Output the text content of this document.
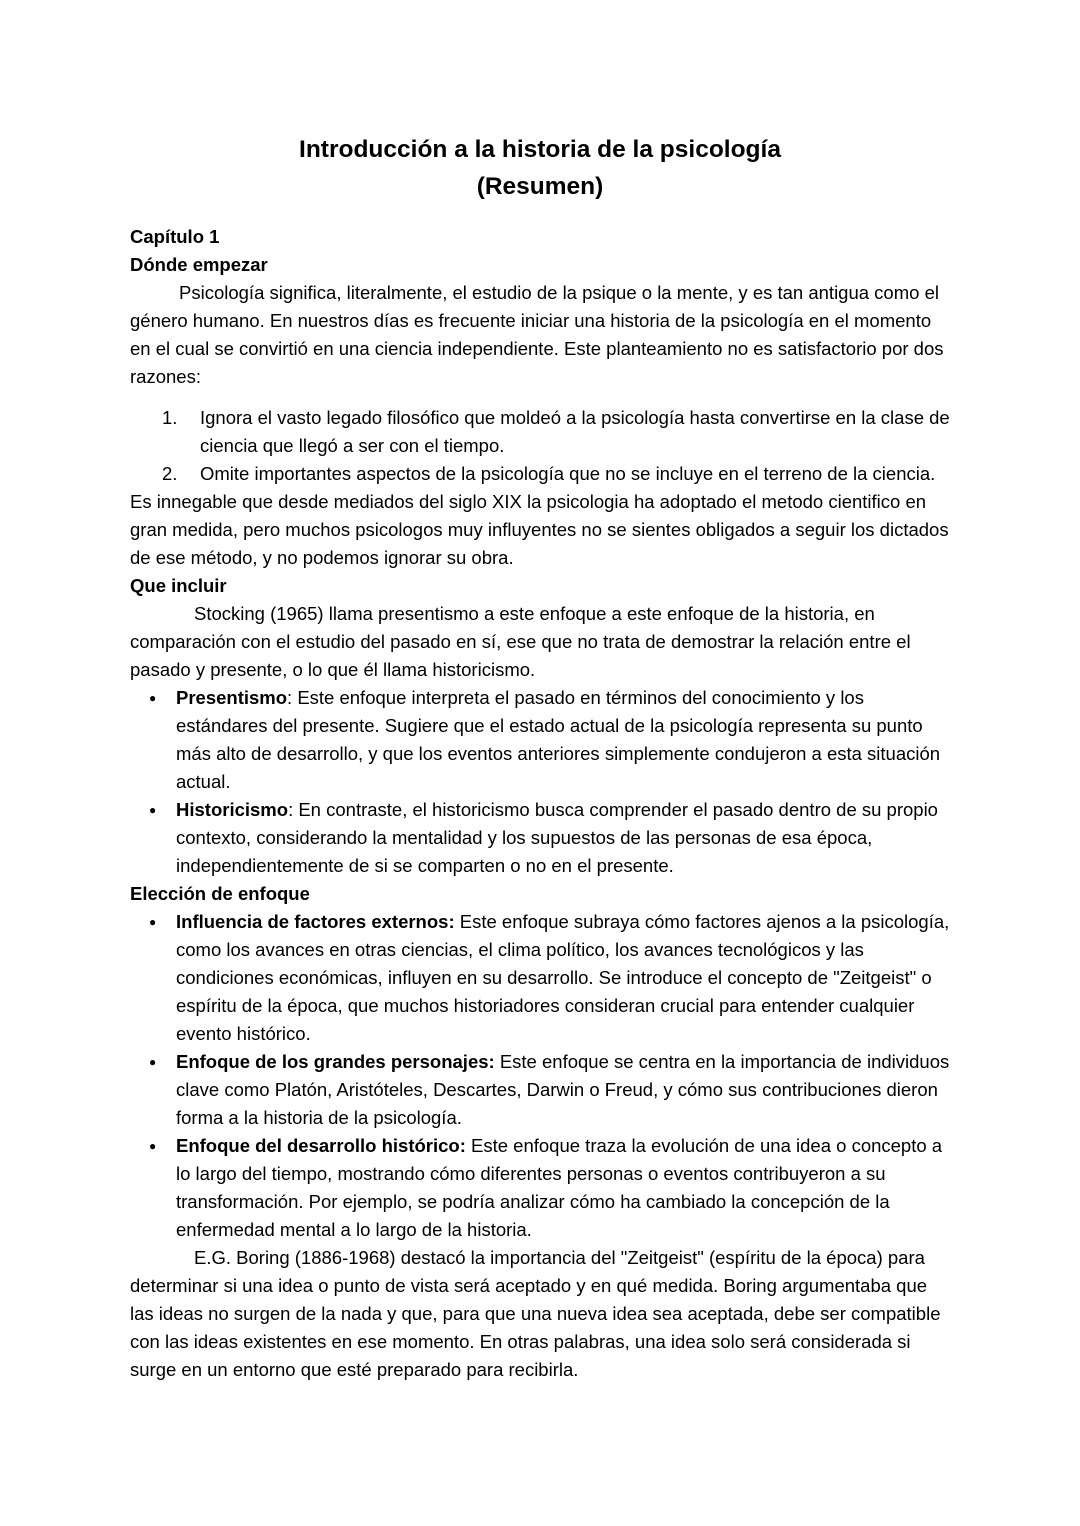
Introducción a la historia de la psicología
(Resumen)

Capítulo 1

Dónde empezar

Psicología significa, literalmente, el estudio de la psique o la mente, y es tan antigua como el género humano. En nuestros días es frecuente iniciar una historia de la psicología en el momento en el cual se convirtió en una ciencia independiente. Este planteamiento no es satisfactorio por dos razones:

1. Ignora el vasto legado filosófico que moldeó a la psicología hasta convertirse en la clase de ciencia que llegó a ser con el tiempo.
2. Omite importantes aspectos de la psicología que no se incluye en el terreno de la ciencia.

Es innegable que desde mediados del siglo XIX la psicologia ha adoptado el metodo cientifico en gran medida, pero muchos psicologos muy influyentes no se sientes obligados a seguir los dictados de ese método, y no podemos ignorar su obra.

Que incluir

Stocking (1965) llama presentismo a este enfoque a este enfoque de la historia, en comparación con el estudio del pasado en sí, ese que no trata de demostrar la relación entre el pasado y presente, o lo que él llama historicismo.

● Presentismo: Este enfoque interpreta el pasado en términos del conocimiento y los estándares del presente. Sugiere que el estado actual de la psicología representa su punto más alto de desarrollo, y que los eventos anteriores simplemente condujeron a esta situación actual.
● Historicismo: En contraste, el historicismo busca comprender el pasado dentro de su propio contexto, considerando la mentalidad y los supuestos de las personas de esa época, independientemente de si se comparten o no en el presente.

Elección de enfoque

● Influencia de factores externos: Este enfoque subraya cómo factores ajenos a la psicología, como los avances en otras ciencias, el clima político, los avances tecnológicos y las condiciones económicas, influyen en su desarrollo. Se introduce el concepto de "Zeitgeist" o espíritu de la época, que muchos historiadores consideran crucial para entender cualquier evento histórico.
● Enfoque de los grandes personajes: Este enfoque se centra en la importancia de individuos clave como Platón, Aristóteles, Descartes, Darwin o Freud, y cómo sus contribuciones dieron forma a la historia de la psicología.
● Enfoque del desarrollo histórico: Este enfoque traza la evolución de una idea o concepto a lo largo del tiempo, mostrando cómo diferentes personas o eventos contribuyeron a su transformación. Por ejemplo, se podría analizar cómo ha cambiado la concepción de la enfermedad mental a lo largo de la historia.

E.G. Boring (1886-1968) destacó la importancia del "Zeitgeist" (espíritu de la época) para determinar si una idea o punto de vista será aceptado y en qué medida. Boring argumentaba que las ideas no surgen de la nada y que, para que una nueva idea sea aceptada, debe ser compatible con las ideas existentes en ese momento. En otras palabras, una idea solo será considerada si surge en un entorno que esté preparado para recibirla.
